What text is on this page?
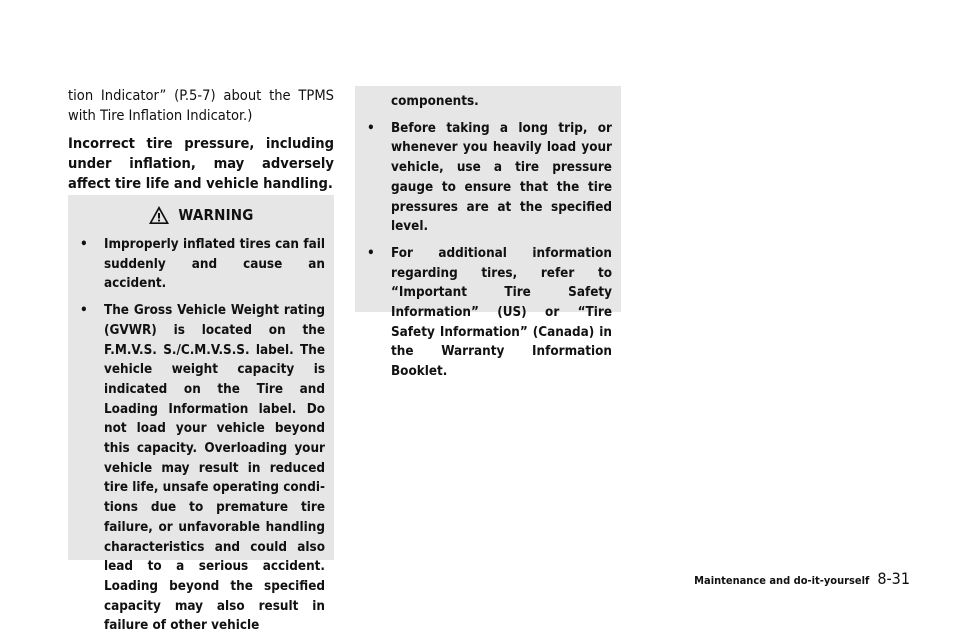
tion Indicator” (P.5-7) about the TPMS with Tire Inflation Indicator.)

Incorrect tire pressure, including under inflation, may adversely affect tire life and vehicle handling.

WARNING
• Improperly inflated tires can fail suddenly and cause an accident.
• The Gross Vehicle Weight rating (GVWR) is located on the F.M.V.S. S./C.M.V.S.S. label. The vehicle weight capacity is indicated on the Tire and Loading Information label. Do not load your vehicle beyond this capacity. Overloading your vehicle may result in reduced tire life, unsafe operating conditions due to premature tire failure, or unfavorable handling characteristics and could also lead to a serious accident. Loading beyond the specified capacity may also result in failure of other vehicle
components.
• Before taking a long trip, or whenever you heavily load your vehicle, use a tire pressure gauge to ensure that the tire pressures are at the specified level.
• For additional information regarding tires, refer to “Important Tire Safety Information” (US) or “Tire Safety Information” (Canada) in the Warranty Information Booklet.
Maintenance and do-it-yourself 8-31
